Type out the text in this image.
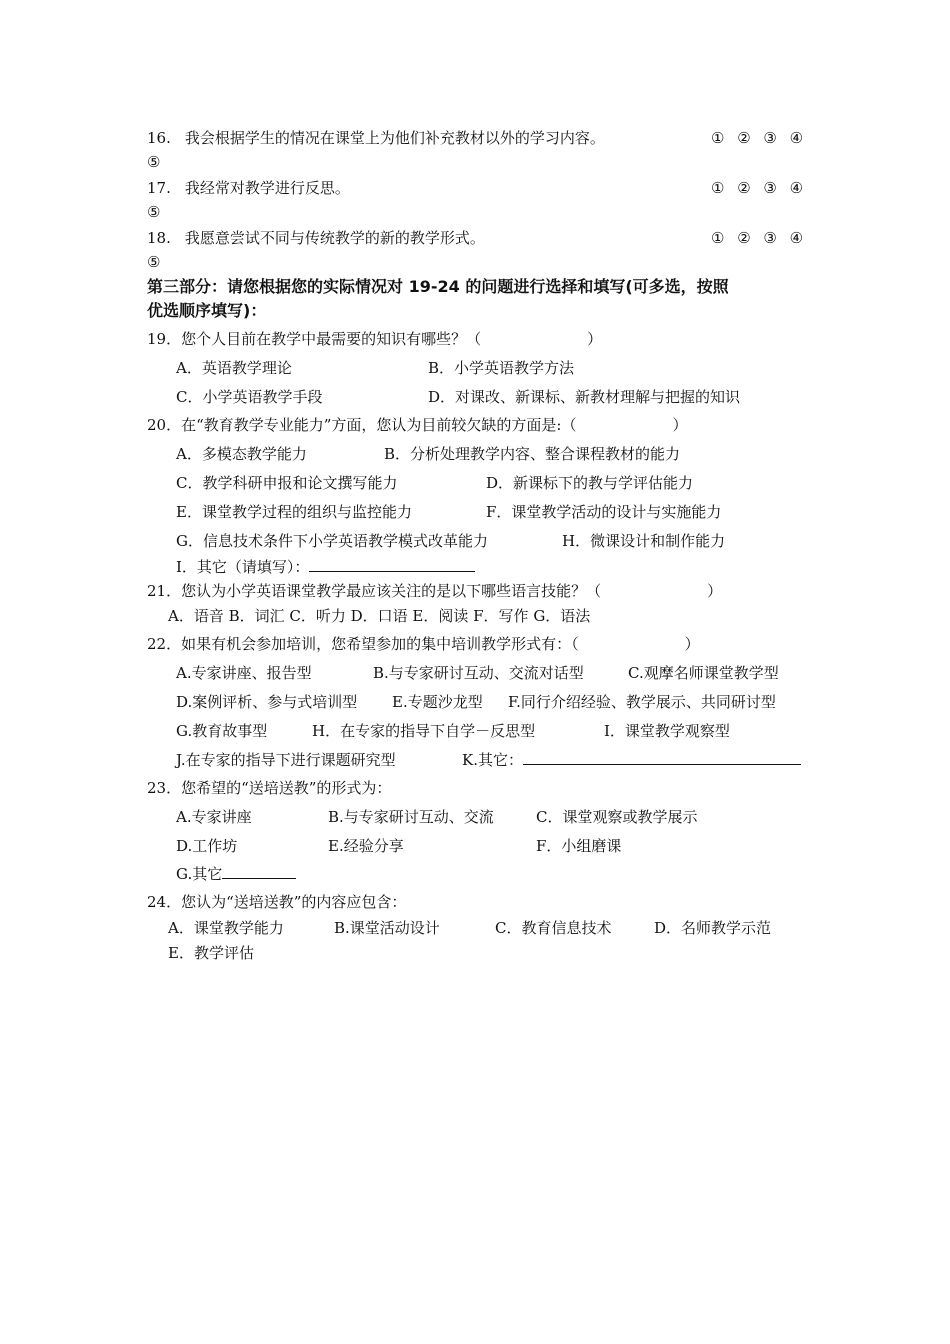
16. 我会根据学生的情况在课堂上为他们补充教材以外的学习内容。	① ② ③ ④
⑤
17. 我经常对教学进行反思。	① ② ③ ④
⑤
18. 我愿意尝试不同与传统教学的新的教学形式。	① ② ③ ④
⑤
第三部分：请您根据您的实际情况对 19-24 的问题进行选择和填写(可多选，按照
优选顺序填写)：
19．您个人目前在教学中最需要的知识有哪些？（	）
A．英语教学理论	B．小学英语教学方法
C．小学英语教学手段	D．对课改、新课标、新教材理解与把握的知识
20．在“教育教学专业能力”方面，您认为目前较欠缺的方面是:（	）
A．多模态教学能力	B．分析处理教学内容、整合课程教材的能力
C．教学科研申报和论文撰写能力	D．新课标下的教与学评估能力
E．课堂教学过程的组织与监控能力	F．课堂教学活动的设计与实施能力
G．信息技术条件下小学英语教学模式改革能力	H．微课设计和制作能力
I．其它（请填写）：
21．您认为小学英语课堂教学最应该关注的是以下哪些语言技能？（	）
A．语音 B．词汇 C．听力 D．口语 E．阅读 F．写作 G．语法
22．如果有机会参加培训，您希望参加的集中培训教学形式有：（	）
A.专家讲座、报告型	B.与专家研讨互动、交流对话型	C.观摩名师课堂教学型
D.案例评析、参与式培训型 E.专题沙龙型 F.同行介绍经验、教学展示、共同研讨型
G.教育故事型	H．在专家的指导下自学－反思型	I．课堂教学观察型
J.在专家的指导下进行课题研究型	K.其它：
23．您希望的“送培送教”的形式为：
A.专家讲座	B.与专家研讨互动、交流	C．课堂观察或教学展示
D.工作坊	E.经验分享	F．小组磨课
G.其它
24．您认为“送培送教”的内容应包含：
A．课堂教学能力	B.课堂活动设计	C．教育信息技术	D．名师教学示范
E．教学评估
